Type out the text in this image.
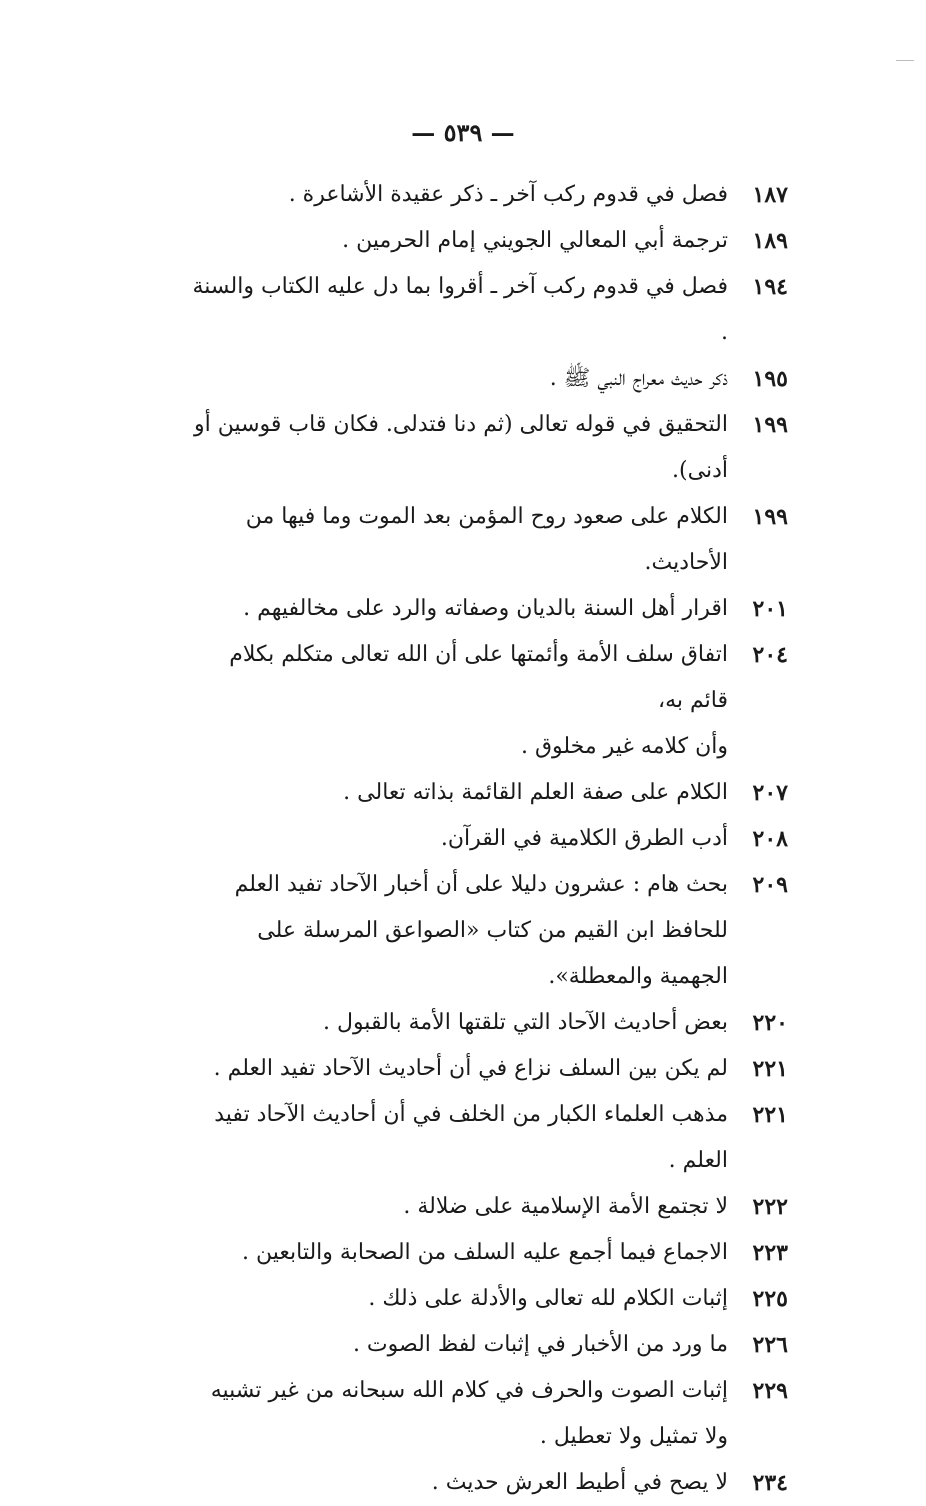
— ٥٣٩ —
١٨٧
فصل في قدوم ركب آخر ـ ذكر عقيدة الأشاعرة .
١٨٩
ترجمة أبي المعالي الجويني إمام الحرمين .
١٩٤
فصل في قدوم ركب آخر ـ أقروا بما دل عليه الكتاب والسنة .
١٩٥
ذكر حديث معراج النبي ﷺ .
١٩٩
التحقيق في قوله تعالى (ثم دنا فتدلى. فكان قاب قوسين أو أدنى).
١٩٩
الكلام على صعود روح المؤمن بعد الموت وما فيها من الأحاديث.
٢٠١
اقرار أهل السنة بالديان وصفاته والرد على مخالفيهم .
٢٠٤
اتفاق سلف الأمة وأئمتها على أن الله تعالى متكلم بكلام قائم به،
وأن كلامه غير مخلوق .
٢٠٧
الكلام على صفة العلم القائمة بذاته تعالى .
٢٠٨
أدب الطرق الكلامية في القرآن.
٢٠٩
بحث هام : عشرون دليلا على أن أخبار الآحاد تفيد العلم
للحافظ ابن القيم من كتاب «الصواعق المرسلة على الجهمية والمعطلة».
٢٢٠
بعض أحاديث الآحاد التي تلقتها الأمة بالقبول .
٢٢١
لم يكن بين السلف نزاع في أن أحاديث الآحاد تفيد العلم .
٢٢١
مذهب العلماء الكبار من الخلف في أن أحاديث الآحاد تفيد العلم .
٢٢٢
لا تجتمع الأمة الإسلامية على ضلالة .
٢٢٣
الاجماع فيما أجمع عليه السلف من الصحابة والتابعين .
٢٢٥
إثبات الكلام لله تعالى والأدلة على ذلك .
٢٢٦
ما ورد من الأخبار في إثبات لفظ الصوت .
٢٢٩
إثبات الصوت والحرف في كلام الله سبحانه من غير تشبيه
ولا تمثيل ولا تعطيل .
٢٣٤
لا يصح في أطيط العرش حديث .
